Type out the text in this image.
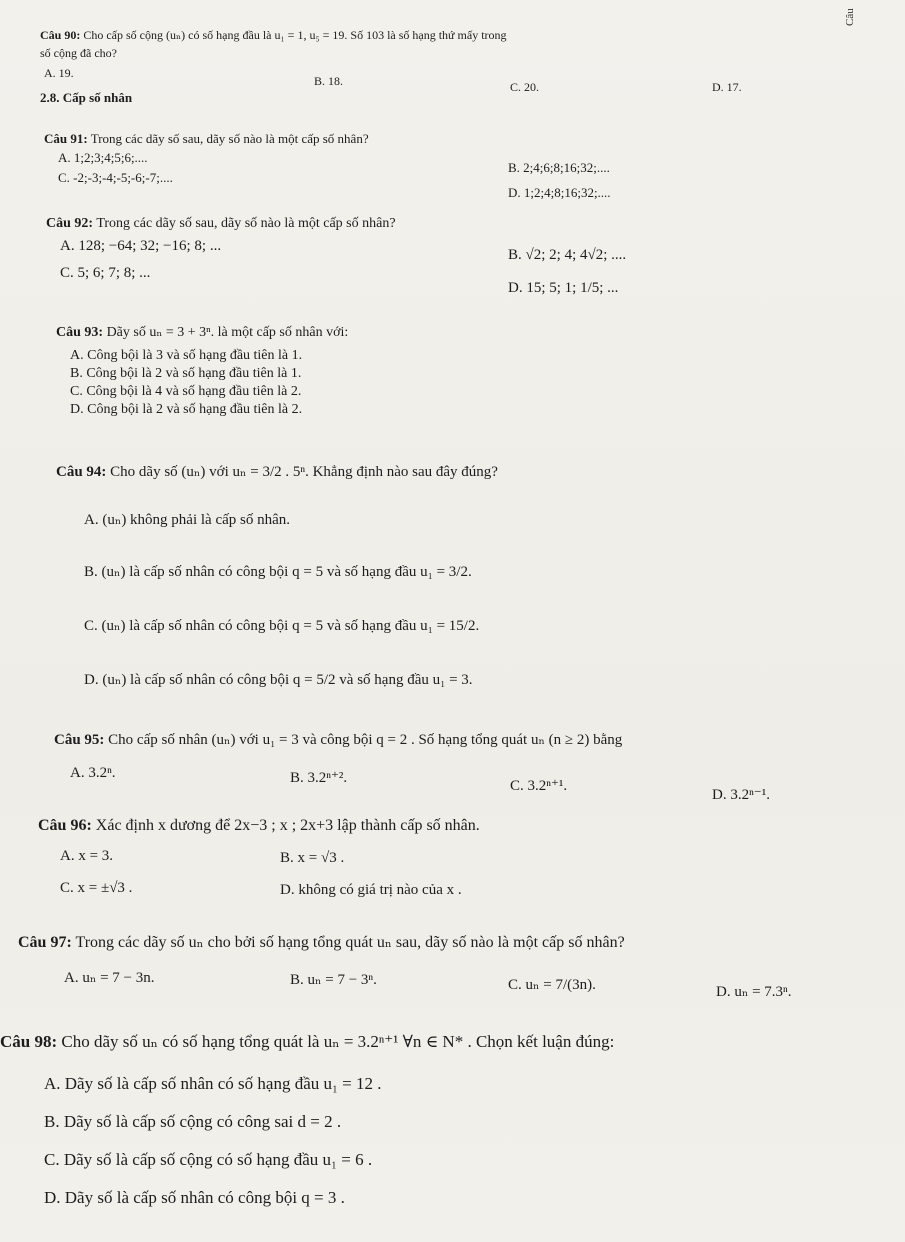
Câu 90: Cho cấp số cộng (uₙ) có số hạng đầu là u₁ = 1, u₅ = 19. Số 103 là số hạng thứ mấy trong
số cộng đã cho?
A. 19.
B. 18.	C. 20.	D. 17.
2.8. Cấp số nhân
Câu
Câu 91: Trong các dãy số sau, dãy số nào là một cấp số nhân?
A. 1;2;3;4;5;6;....
B. 2;4;6;8;16;32;....
C. -2;-3;-4;-5;-6;-7;....
D. 1;2;4;8;16;32;....
Câu 92: Trong các dãy số sau, dãy số nào là một cấp số nhân?
A. 128; −64; 32; −16; 8; ...
B. √2; 2; 4; 4√2; ....
C. 5; 6; 7; 8; ...
D. 15; 5; 1; 1/5; ...
Câu 93: Dãy số uₙ = 3 + 3ⁿ. là một cấp số nhân với:
A. Công bội là 3 và số hạng đầu tiên là 1.
B. Công bội là 2 và số hạng đầu tiên là 1.
C. Công bội là 4 và số hạng đầu tiên là 2.
D. Công bội là 2 và số hạng đầu tiên là 2.
Câu 94: Cho dãy số (uₙ) với uₙ = 3/2 . 5ⁿ. Khẳng định nào sau đây đúng?
A. (uₙ) không phải là cấp số nhân.
B. (uₙ) là cấp số nhân có công bội q = 5 và số hạng đầu u₁ = 3/2.
C. (uₙ) là cấp số nhân có công bội q = 5 và số hạng đầu u₁ = 15/2.
D. (uₙ) là cấp số nhân có công bội q = 5/2 và số hạng đầu u₁ = 3.
Câu 95: Cho cấp số nhân (uₙ) với u₁ = 3 và công bội q = 2 . Số hạng tổng quát uₙ (n ≥ 2) bằng
A. 3.2ⁿ.	B. 3.2ⁿ⁺².	C. 3.2ⁿ⁺¹.
D. 3.2ⁿ⁻¹.
Câu 96: Xác định x dương để 2x−3 ; x ; 2x+3 lập thành cấp số nhân.
A. x = 3.	B. x = √3 .
C. x = ±√3 .	D. không có giá trị nào của x .
Câu 97: Trong các dãy số uₙ cho bởi số hạng tổng quát uₙ sau, dãy số nào là một cấp số nhân?
A. uₙ = 7 − 3n.	B. uₙ = 7 − 3ⁿ.	C. uₙ = 7/(3n).	D. uₙ = 7.3ⁿ.
Câu 98: Cho dãy số uₙ có số hạng tổng quát là uₙ = 3.2ⁿ⁺¹ ∀n ∈ N* . Chọn kết luận đúng:
A. Dãy số là cấp số nhân có số hạng đầu u₁ = 12 .
B. Dãy số là cấp số cộng có công sai d = 2 .
C. Dãy số là cấp số cộng có số hạng đầu u₁ = 6 .
D. Dãy số là cấp số nhân có công bội q = 3 .
